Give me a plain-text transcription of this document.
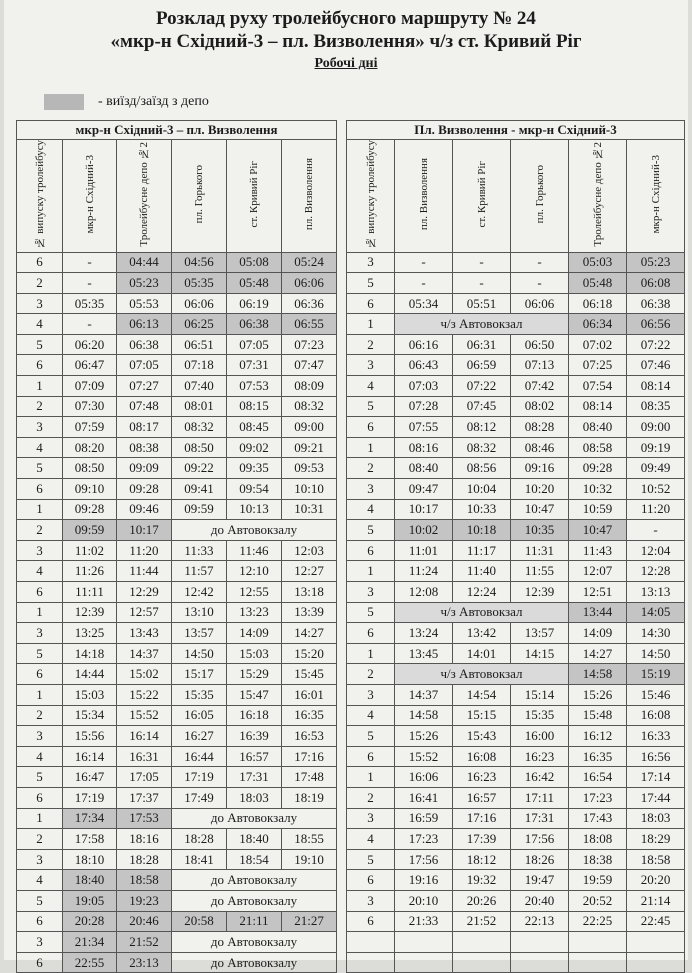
Розклад руху тролейбусного маршруту № 24
«мкр-н Східний-3 – пл. Визволення» ч/з ст. Кривий Ріг
Робочі дні
- виїзд/заїзд з депо
мкр-н Східний-3 – пл. Визволення					
№ випуску тролейбусу	мкр-н Східний-3	Тролейбусне депо №2	пл. Горького	ст. Кривий Ріг	пл. Визволення
6	-	04:44	04:56	05:08	05:24
2	-	05:23	05:35	05:48	06:06
3	05:35	05:53	06:06	06:19	06:36
4	-	06:13	06:25	06:38	06:55
5	06:20	06:38	06:51	07:05	07:23
6	06:47	07:05	07:18	07:31	07:47
1	07:09	07:27	07:40	07:53	08:09
2	07:30	07:48	08:01	08:15	08:32
3	07:59	08:17	08:32	08:45	09:00
4	08:20	08:38	08:50	09:02	09:21
5	08:50	09:09	09:22	09:35	09:53
6	09:10	09:28	09:41	09:54	10:10
1	09:28	09:46	09:59	10:13	10:31
2	09:59	10:17	до Автовокзалу		
3	11:02	11:20	11:33	11:46	12:03
4	11:26	11:44	11:57	12:10	12:27
6	11:11	12:29	12:42	12:55	13:18
1	12:39	12:57	13:10	13:23	13:39
3	13:25	13:43	13:57	14:09	14:27
5	14:18	14:37	14:50	15:03	15:20
6	14:44	15:02	15:17	15:29	15:45
1	15:03	15:22	15:35	15:47	16:01
2	15:34	15:52	16:05	16:18	16:35
3	15:56	16:14	16:27	16:39	16:53
4	16:14	16:31	16:44	16:57	17:16
5	16:47	17:05	17:19	17:31	17:48
6	17:19	17:37	17:49	18:03	18:19
1	17:34	17:53	до Автовокзалу		
2	17:58	18:16	18:28	18:40	18:55
3	18:10	18:28	18:41	18:54	19:10
4	18:40	18:58	до Автовокзалу		
5	19:05	19:23	до Автовокзалу		
6	20:28	20:46	20:58	21:11	21:27
3	21:34	21:52	до Автовокзалу		
6	22:55	23:13	до Автовокзалу		
Пл. Визволення - мкр-н Східний-3					
№ випуску тролейбусу	пл. Визволення	ст. Кривий Ріг	пл. Горького	Тролейбусне депо №2	мкр-н Східний-3
3	-	-	-	05:03	05:23
5	-	-	-	05:48	06:08
6	05:34	05:51	06:06	06:18	06:38
1	ч/з Автовокзал			06:34	06:56
2	06:16	06:31	06:50	07:02	07:22
3	06:43	06:59	07:13	07:25	07:46
4	07:03	07:22	07:42	07:54	08:14
5	07:28	07:45	08:02	08:14	08:35
6	07:55	08:12	08:28	08:40	09:00
1	08:16	08:32	08:46	08:58	09:19
2	08:40	08:56	09:16	09:28	09:49
3	09:47	10:04	10:20	10:32	10:52
4	10:17	10:33	10:47	10:59	11:20
5	10:02	10:18	10:35	10:47	-
6	11:01	11:17	11:31	11:43	12:04
1	11:24	11:40	11:55	12:07	12:28
3	12:08	12:24	12:39	12:51	13:13
5	ч/з Автовокзал			13:44	14:05
6	13:24	13:42	13:57	14:09	14:30
1	13:45	14:01	14:15	14:27	14:50
2	ч/з Автовокзал			14:58	15:19
3	14:37	14:54	15:14	15:26	15:46
4	14:58	15:15	15:35	15:48	16:08
5	15:26	15:43	16:00	16:12	16:33
6	15:52	16:08	16:23	16:35	16:56
1	16:06	16:23	16:42	16:54	17:14
2	16:41	16:57	17:11	17:23	17:44
3	16:59	17:16	17:31	17:43	18:03
4	17:23	17:39	17:56	18:08	18:29
5	17:56	18:12	18:26	18:38	18:58
6	19:16	19:32	19:47	19:59	20:20
3	20:10	20:26	20:40	20:52	21:14
6	21:33	21:52	22:13	22:25	22:45
